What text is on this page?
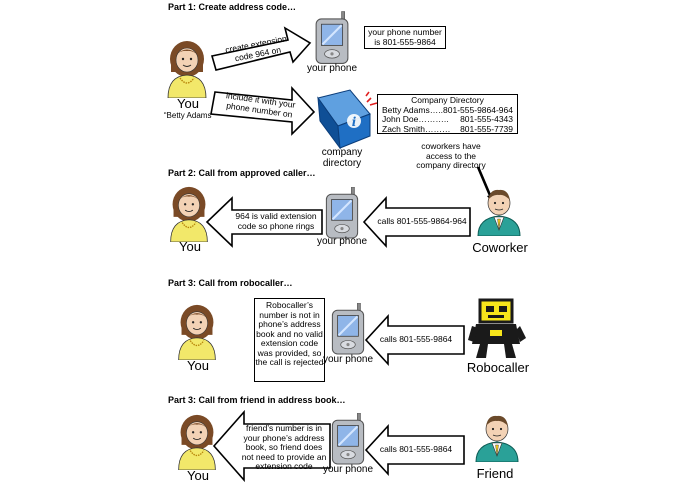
Part 1: Create address code…
You
“Betty Adams”
create extension code 964 on
include it with your phone number on
your phone
your phone number is 801-555-9864
i
company directory
Company Directory
Betty Adams….. 801-555-9864-964
John Doe……….. 801-555-4343
Zach Smith……… 801-555-7739
coworkers have access to the company directory
Part 2: Call from approved caller…
You
964 is valid extension code so phone rings	calls 801-555-9864-964
your phone	Coworker
Part 3: Call from robocaller…
You
Robocaller’s number is not in phone’s address book and no valid extension code was provided, so the call is rejected your phone
calls 801-555-9864
Robocaller
Part 3: Call from friend in address book…
You
friend’s number is in your phone’s address book, so friend does not need to provide an extension code
calls 801-555-9864
your phone	Friend
